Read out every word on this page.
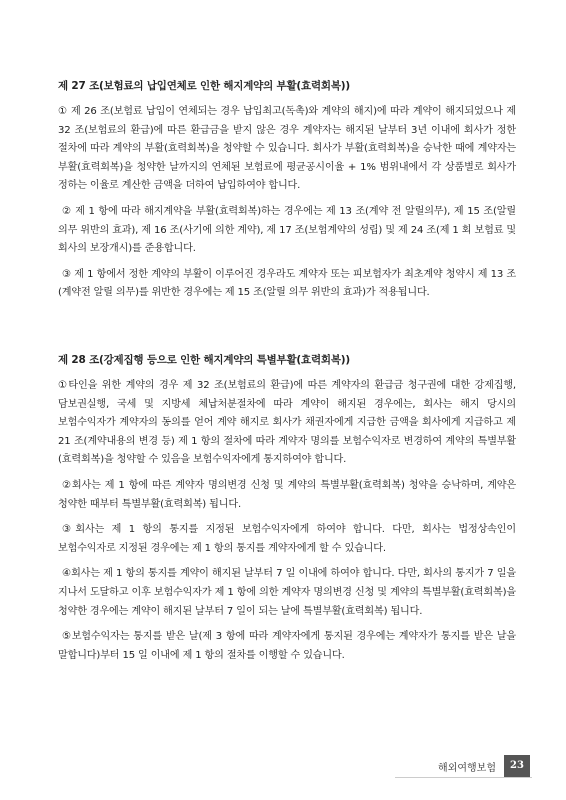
제 27 조(보험료의 납입연체로 인한 해지계약의 부활(효력회복))

① 제 26 조(보험료 납입이 연체되는 경우 납입최고(독촉)와 계약의 해지)에 따라 계약이 해지되었으나 제 32 조(보험료의 환급)에 따른 환급금을 받지 않은 경우 계약자는 해지된 날부터 3년 이내에 회사가 정한 절차에 따라 계약의 부활(효력회복)을 청약할 수 있습니다. 회사가 부활(효력회복)을 승낙한 때에 계약자는 부활(효력회복)을 청약한 날까지의 연체된 보험료에 평균공시이율 + 1% 범위내에서 각 상품별로 회사가 정하는 이율로 계산한 금액을 더하여 납입하여야 합니다.

② 제 1 항에 따라 해지계약을 부활(효력회복)하는 경우에는 제 13 조(계약 전 알릴의무), 제 15 조(알릴 의무 위반의 효과), 제 16 조(사기에 의한 계약), 제 17 조(보험계약의 성립) 및 제 24 조(제 1 회 보험료 및 회사의 보장개시)를 준용합니다.

③ 제 1 항에서 정한 계약의 부활이 이루어진 경우라도 계약자 또는 피보험자가 최초계약 청약시 제 13 조(계약전 알릴 의무)를 위반한 경우에는 제 15 조(알릴 의무 위반의 효과)가 적용됩니다.

제 28 조(강제집행 등으로 인한 해지계약의 특별부활(효력회복))

①타인을 위한 계약의 경우 제 32 조(보험료의 환급)에 따른 계약자의 환급금 청구권에 대한 강제집행, 담보권실행, 국세 및 지방세 체납처분절차에 따라 계약이 해지된 경우에는, 회사는 해지 당시의 보험수익자가 계약자의 동의를 얻어 계약 해지로 회사가 채권자에게 지급한 금액을 회사에게 지급하고 제 21 조(계약내용의 변경 등) 제 1 항의 절차에 따라 계약자 명의를 보험수익자로 변경하여 계약의 특별부활(효력회복)을 청약할 수 있음을 보험수익자에게 통지하여야 합니다.

②회사는 제 1 항에 따른 계약자 명의변경 신청 및 계약의 특별부활(효력회복) 청약을 승낙하며, 계약은 청약한 때부터 특별부활(효력회복) 됩니다.

③회사는 제 1 항의 통지를 지정된 보험수익자에게 하여야 합니다. 다만, 회사는 법정상속인이 보험수익자로 지정된 경우에는 제 1 항의 통지를 계약자에게 할 수 있습니다.

④회사는 제 1 항의 통지를 계약이 해지된 날부터 7 일 이내에 하여야 합니다. 다만, 회사의 통지가 7 일을 지나서 도달하고 이후 보험수익자가 제 1 항에 의한 계약자 명의변경 신청 및 계약의 특별부활(효력회복)을 청약한 경우에는 계약이 해지된 날부터 7 일이 되는 날에 특별부활(효력회복) 됩니다.

⑤보험수익자는 통지를 받은 날(제 3 항에 따라 계약자에게 통지된 경우에는 계약자가 통지를 받은 날을 말합니다)부터 15 일 이내에 제 1 항의 절차를 이행할 수 있습니다.

해외여행보험	23
